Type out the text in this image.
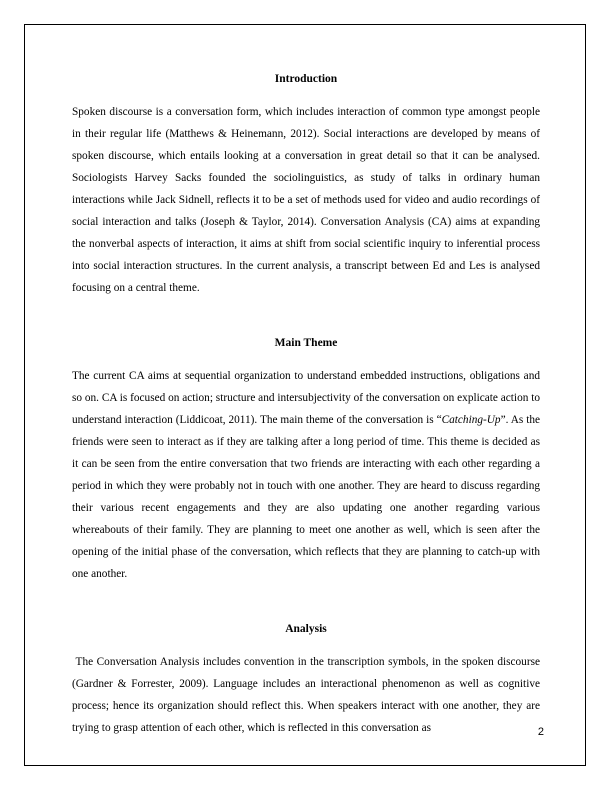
Introduction

Spoken discourse is a conversation form, which includes interaction of common type amongst people in their regular life (Matthews & Heinemann, 2012). Social interactions are developed by means of spoken discourse, which entails looking at a conversation in great detail so that it can be analysed. Sociologists Harvey Sacks founded the sociolinguistics, as study of talks in ordinary human interactions while Jack Sidnell, reflects it to be a set of methods used for video and audio recordings of social interaction and talks (Joseph & Taylor, 2014). Conversation Analysis (CA) aims at expanding the nonverbal aspects of interaction, it aims at shift from social scientific inquiry to inferential process into social interaction structures. In the current analysis, a transcript between Ed and Les is analysed focusing on a central theme.

Main Theme

The current CA aims at sequential organization to understand embedded instructions, obligations and so on. CA is focused on action; structure and intersubjectivity of the conversation on explicate action to understand interaction (Liddicoat, 2011). The main theme of the conversation is “Catching-Up”. As the friends were seen to interact as if they are talking after a long period of time. This theme is decided as it can be seen from the entire conversation that two friends are interacting with each other regarding a period in which they were probably not in touch with one another. They are heard to discuss regarding their various recent engagements and they are also updating one another regarding various whereabouts of their family. They are planning to meet one another as well, which is seen after the opening of the initial phase of the conversation, which reflects that they are planning to catch-up with one another.

Analysis

The Conversation Analysis includes convention in the transcription symbols, in the spoken discourse (Gardner & Forrester, 2009). Language includes an interactional phenomenon as well as cognitive process; hence its organization should reflect this. When speakers interact with one another, they are trying to grasp attention of each other, which is reflected in this conversation as	2
